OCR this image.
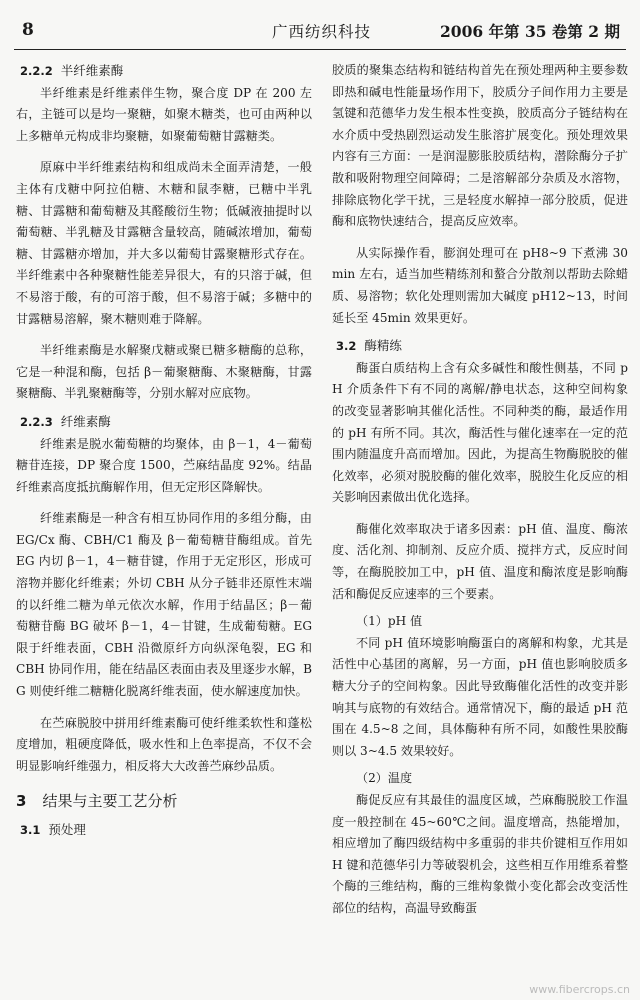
8	广西纺织科技	2006 年第 35 卷第 2 期
2.2.2 半纤维素酶

半纤维素是纤维素伴生物，聚合度 DP 在 200 左右，主链可以是均一聚糖，如聚木糖类，也可由两种以上多糖单元构成非均聚糖，如聚葡萄糖甘露糖类。

原麻中半纤维素结构和组成尚未全面弄清楚，一般主体有戊糖中阿拉伯糖、木糖和鼠李糖，已糖中半乳糖、甘露糖和葡萄糖及其醛酸衍生物；低碱液抽提时以葡萄糖、半乳糖及甘露糖含量较高，随碱浓增加，葡萄糖、甘露糖亦增加，并大多以葡萄甘露聚糖形式存在。半纤维素中各种聚糖性能差异很大，有的只溶于碱，但不易溶于酸，有的可溶于酸，但不易溶于碱；多糖中的甘露糖易溶解，聚木糖则难于降解。

半纤维素酶是水解聚戊糖或聚已糖多糖酶的总称，它是一种混和酶，包括 β－葡聚糖酶、木聚糖酶，甘露聚糖酶、半乳聚糖酶等，分别水解对应底物。

2.2.3 纤维素酶

纤维素是脱水葡萄糖的均聚体，由 β－1，4－葡萄糖苷连接，DP 聚合度 1500，苎麻结晶度 92%。结晶纤维素高度抵抗酶解作用，但无定形区降解快。

纤维素酶是一种含有相互协同作用的多组分酶，由 EG/Cx 酶、CBH/C1 酶及 β－葡萄糖苷酶组成。首先 EG 内切 β－1，4－糖苷键，作用于无定形区，形成可溶物并膨化纤维素；外切 CBH 从分子链非还原性末端的以纤维二糖为单元依次水解，作用于结晶区；β－葡萄糖苷酶 BG 破坏 β－1，4－甘键，生成葡萄糖。EG 限于纤维表面，CBH 沿微原纤方向纵深龟裂，EG 和 CBH 协同作用，能在结晶区表面由表及里逐步水解，BG 则使纤维二糖糖化脱离纤维表面，使水解速度加快。

在苎麻脱胶中拼用纤维素酶可使纤维柔软性和蓬松度增加，粗硬度降低，吸水性和上色率提高，不仅不会明显影响纤维强力，相反将大大改善苎麻纱品质。

3 结果与主要工艺分析
3.1 预处理

胶质的聚集态结构和链结构首先在预处理两种主要参数即热和碱电性能量场作用下，胶质分子间作用力主要是氢键和范德华力发生根本性变换，胶质高分子链结构在水介质中受热剧烈运动发生胀溶扩展变化。预处理效果内容有三方面：一是润湿膨胀胶质结构，潜除酶分子扩散和吸附物理空间障碍；二是溶解部分杂质及水溶物，排除底物化学干扰，三是轻度水解掉一部分胶质，促进酶和底物快速结合，提高反应效率。

从实际操作看，膨润处理可在 pH8~9 下煮沸 30min 左右，适当加些精练剂和螯合分散剂以帮助去除蜡质、易溶物；软化处理则需加大碱度 pH12~13，时间延长至 45min 效果更好。

3.2 酶精练

酶蛋白质结构上含有众多碱性和酸性侧基，不同 pH 介质条件下有不同的离解/静电状态，这种空间构象的改变显著影响其催化活性。不同种类的酶，最适作用的 pH 有所不同。其次，酶活性与催化速率在一定的范围内随温度升高而增加。因此，为提高生物酶脱胶的催化效率，必须对脱胶酶的催化效率，脱胶生化反应的相关影响因素做出优化选择。

酶催化效率取决于诸多因素：pH 值、温度、酶浓度、活化剂、抑制剂、反应介质、搅拌方式，反应时间等，在酶脱胶加工中，pH 值、温度和酶浓度是影响酶活和酶促反应速率的三个要素。

（1）pH 值

不同 pH 值环境影响酶蛋白的离解和构象，尤其是活性中心基团的离解，另一方面，pH 值也影响胶质多糖大分子的空间构象。因此导致酶催化活性的改变并影响其与底物的有效结合。通常情况下，酶的最适 pH 范围在 4.5~8 之间，具体酶种有所不同，如酸性果胶酶则以 3~4.5 效果较好。

（2）温度

酶促反应有其最佳的温度区域，苎麻酶脱胶工作温度一般控制在 45~60℃之间。温度增高，热能增加，相应增加了酶四级结构中多重弱的非共价键相互作用如 H 键和范德华引力等破裂机会，这些相互作用维系着整个酶的三维结构，酶的三维构象微小变化都会改变活性部位的结构，高温导致酶蛋

www.fibercrops.cn
